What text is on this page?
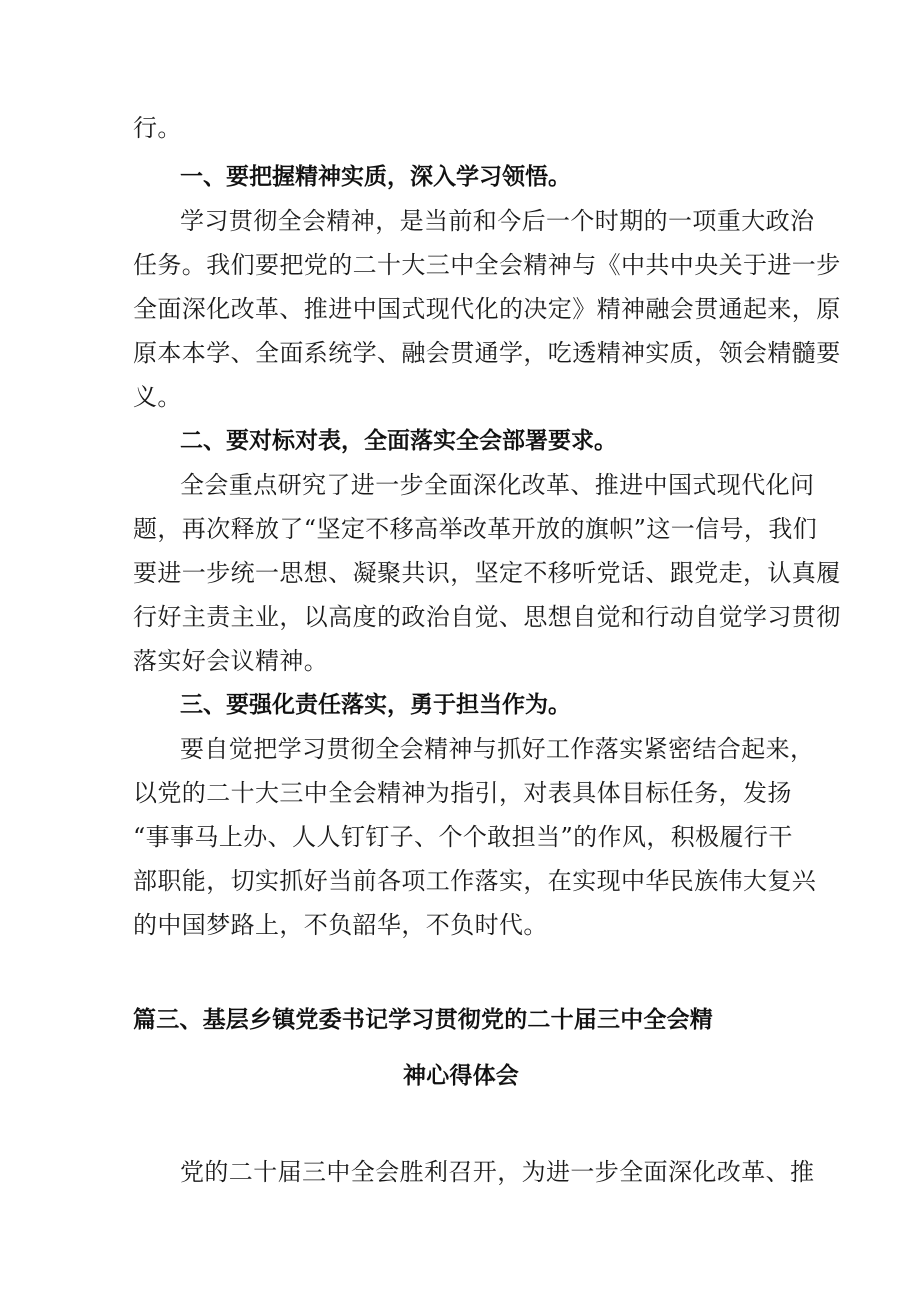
行。
一、要把握精神实质，深入学习领悟。
学习贯彻全会精神，是当前和今后一个时期的一项重大政治
任务。我们要把党的二十大三中全会精神与《中共中央关于进一步
全面深化改革、推进中国式现代化的决定》精神融会贯通起来，原
原本本学、全面系统学、融会贯通学，吃透精神实质，领会精髓要
义。
二、要对标对表，全面落实全会部署要求。
全会重点研究了进一步全面深化改革、推进中国式现代化问
题，再次释放了“坚定不移高举改革开放的旗帜”这一信号，我们
要进一步统一思想、凝聚共识，坚定不移听党话、跟党走，认真履
行好主责主业，以高度的政治自觉、思想自觉和行动自觉学习贯彻
落实好会议精神。
三、要强化责任落实，勇于担当作为。
要自觉把学习贯彻全会精神与抓好工作落实紧密结合起来，
以党的二十大三中全会精神为指引，对表具体目标任务，发扬
“事事马上办、人人钉钉子、个个敢担当”的作风，积极履行干
部职能，切实抓好当前各项工作落实，在实现中华民族伟大复兴
的中国梦路上，不负韶华，不负时代。
篇三、基层乡镇党委书记学习贯彻党的二十届三中全会精
神心得体会
党的二十届三中全会胜利召开，为进一步全面深化改革、推
